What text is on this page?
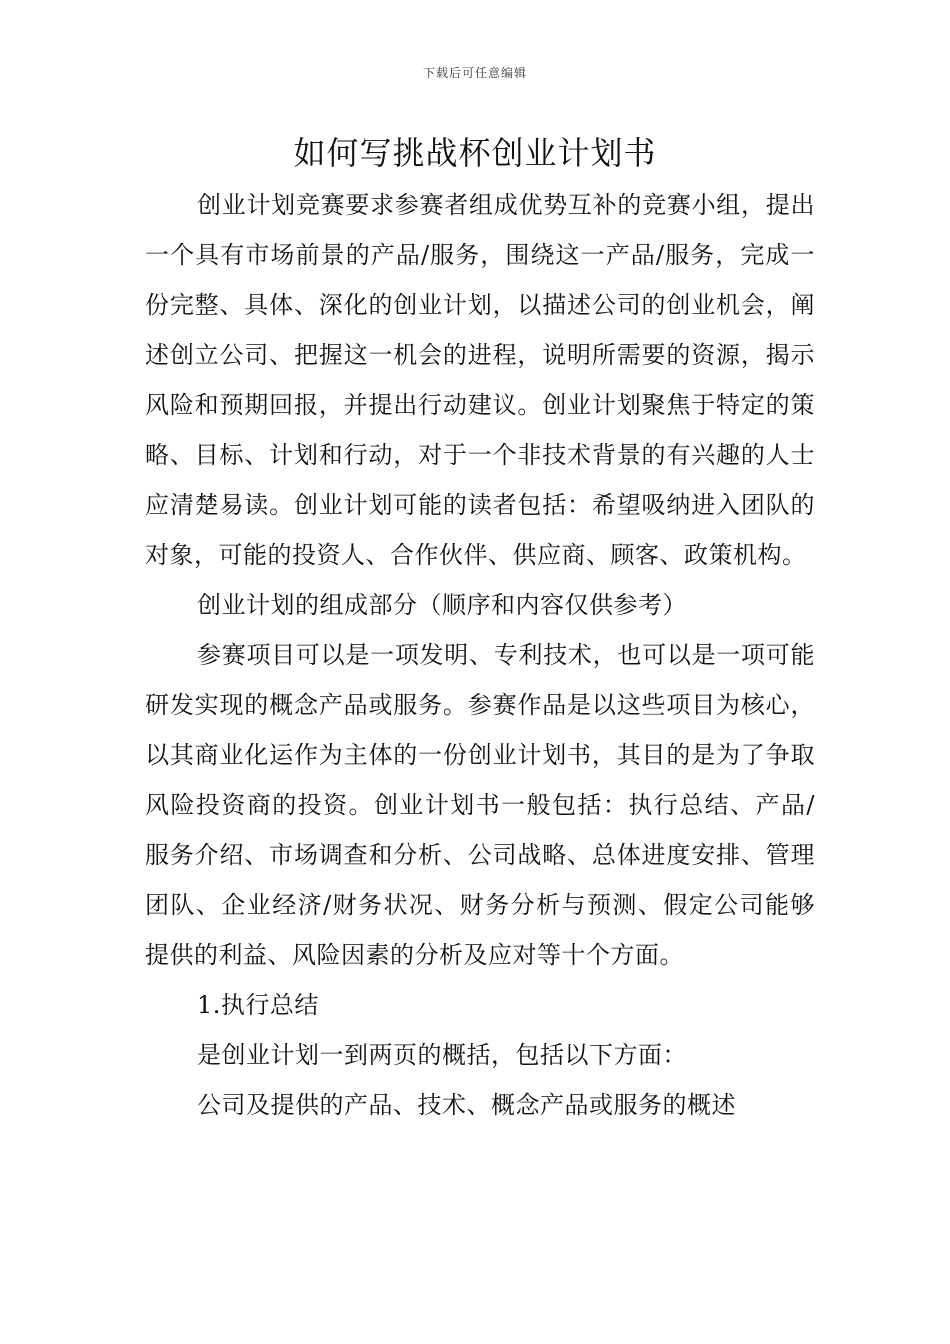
下载后可任意编辑
如何写挑战杯创业计划书

创业计划竞赛要求参赛者组成优势互补的竞赛小组，提出一个具有市场前景的产品/服务，围绕这一产品/服务，完成一份完整、具体、深化的创业计划，以描述公司的创业机会，阐述创立公司、把握这一机会的进程，说明所需要的资源，揭示风险和预期回报，并提出行动建议。创业计划聚焦于特定的策略、目标、计划和行动，对于一个非技术背景的有兴趣的人士应清楚易读。创业计划可能的读者包括：希望吸纳进入团队的对象，可能的投资人、合作伙伴、供应商、顾客、政策机构。

创业计划的组成部分（顺序和内容仅供参考）

参赛项目可以是一项发明、专利技术，也可以是一项可能研发实现的概念产品或服务。参赛作品是以这些项目为核心，以其商业化运作为主体的一份创业计划书，其目的是为了争取风险投资商的投资。创业计划书一般包括：执行总结、产品/服务介绍、市场调查和分析、公司战略、总体进度安排、管理团队、企业经济/财务状况、财务分析与预测、假定公司能够提供的利益、风险因素的分析及应对等十个方面。

1.执行总结

是创业计划一到两页的概括，包括以下方面：

公司及提供的产品、技术、概念产品或服务的概述
